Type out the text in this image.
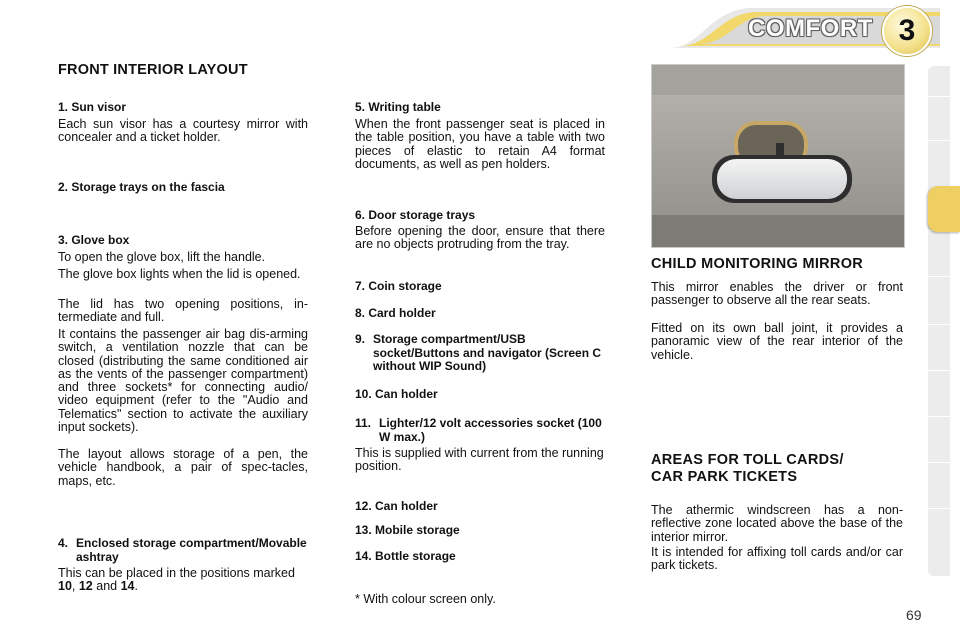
COMFORT 3
FRONT INTERIOR LAYOUT
1. Sun visor
Each sun visor has a courtesy mirror with concealer and a ticket holder.
2. Storage trays on the fascia
3. Glove box
To open the glove box, lift the handle.
The glove box lights when the lid is opened.
The lid has two opening positions, in-termediate and full.
It contains the passenger air bag dis-arming switch, a ventilation nozzle that can be closed (distributing the same conditioned air as the vents of the passenger compartment) and three sockets* for connecting audio/ video equipment (refer to the "Audio and Telematics" section to activate the auxiliary input sockets).
The layout allows storage of a pen, the vehicle handbook, a pair of spec-tacles, maps, etc.
4. Enclosed storage compartment/Movable ashtray
This can be placed in the positions marked 10, 12 and 14.
5. Writing table
When the front passenger seat is placed in the table position, you have a table with two pieces of elastic to retain A4 format documents, as well as pen holders.
6. Door storage trays
Before opening the door, ensure that there are no objects protruding from the tray.
7. Coin storage
8. Card holder
9. Storage compartment/USB socket/Buttons and navigator (Screen C without WIP Sound)
10. Can holder
11. Lighter/12 volt accessories socket (100 W max.)
This is supplied with current from the running position.
12. Can holder
13. Mobile storage
14. Bottle storage
* With colour screen only.
CHILD MONITORING MIRROR
This mirror enables the driver or front passenger to observe all the rear seats.
Fitted on its own ball joint, it provides a panoramic view of the rear interior of the vehicle.
AREAS FOR TOLL CARDS/
CAR PARK TICKETS
The athermic windscreen has a non-reflective zone located above the base of the interior mirror.
It is intended for affixing toll cards and/or car park tickets.
69
